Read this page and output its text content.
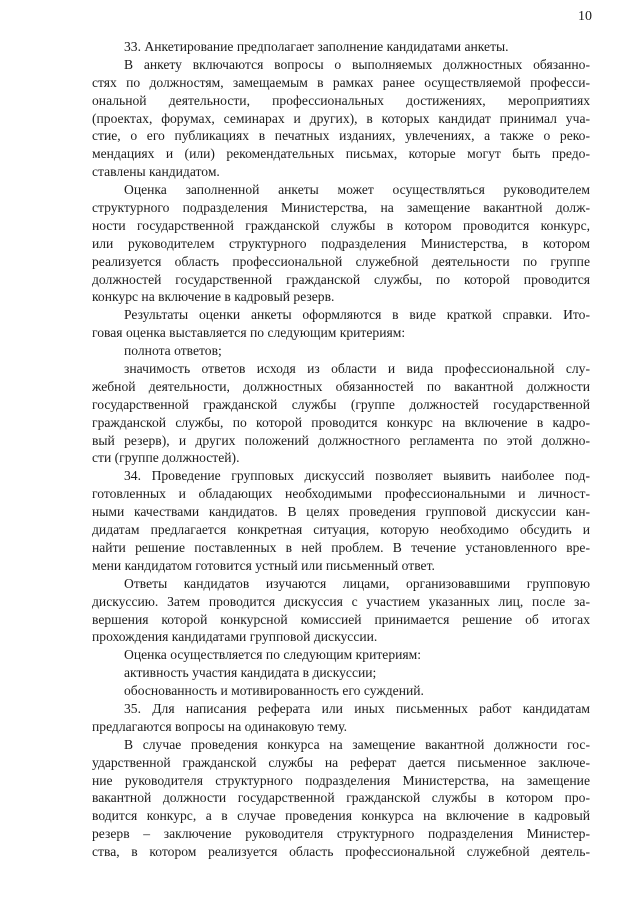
10
33. Анкетирование предполагает заполнение кандидатами анкеты.
В анкету включаются вопросы о выполняемых должностных обязанно-
стях по должностям, замещаемым в рамках ранее осуществляемой професси-
ональной деятельности, профессиональных достижениях, мероприятиях
(проектах, форумах, семинарах и других), в которых кандидат принимал уча-
стие, о его публикациях в печатных изданиях, увлечениях, а также о реко-
мендациях и (или) рекомендательных письмах, которые могут быть предо-
ставлены кандидатом.
Оценка заполненной анкеты может осуществляться руководителем
структурного подразделения Министерства, на замещение вакантной долж-
ности государственной гражданской службы в котором проводится конкурс,
или руководителем структурного подразделения Министерства, в котором
реализуется область профессиональной служебной деятельности по группе
должностей государственной гражданской службы, по которой проводится
конкурс на включение в кадровый резерв.
Результаты оценки анкеты оформляются в виде краткой справки. Ито-
говая оценка выставляется по следующим критериям:
полнота ответов;
значимость ответов исходя из области и вида профессиональной слу-
жебной деятельности, должностных обязанностей по вакантной должности
государственной гражданской службы (группе должностей государственной
гражданской службы, по которой проводится конкурс на включение в кадро-
вый резерв), и других положений должностного регламента по этой должно-
сти (группе должностей).
34. Проведение групповых дискуссий позволяет выявить наиболее под-
готовленных и обладающих необходимыми профессиональными и личност-
ными качествами кандидатов. В целях проведения групповой дискуссии кан-
дидатам предлагается конкретная ситуация, которую необходимо обсудить и
найти решение поставленных в ней проблем. В течение установленного вре-
мени кандидатом готовится устный или письменный ответ.
Ответы кандидатов изучаются лицами, организовавшими групповую
дискуссию. Затем проводится дискуссия с участием указанных лиц, после за-
вершения которой конкурсной комиссией принимается решение об итогах
прохождения кандидатами групповой дискуссии.
Оценка осуществляется по следующим критериям:
активность участия кандидата в дискуссии;
обоснованность и мотивированность его суждений.
35. Для написания реферата или иных письменных работ кандидатам
предлагаются вопросы на одинаковую тему.
В случае проведения конкурса на замещение вакантной должности гос-
ударственной гражданской службы на реферат дается письменное заключе-
ние руководителя структурного подразделения Министерства, на замещение
вакантной должности государственной гражданской службы в котором про-
водится конкурс, а в случае проведения конкурса на включение в кадровый
резерв – заключение руководителя структурного подразделения Министер-
ства, в котором реализуется область профессиональной служебной деятель-
